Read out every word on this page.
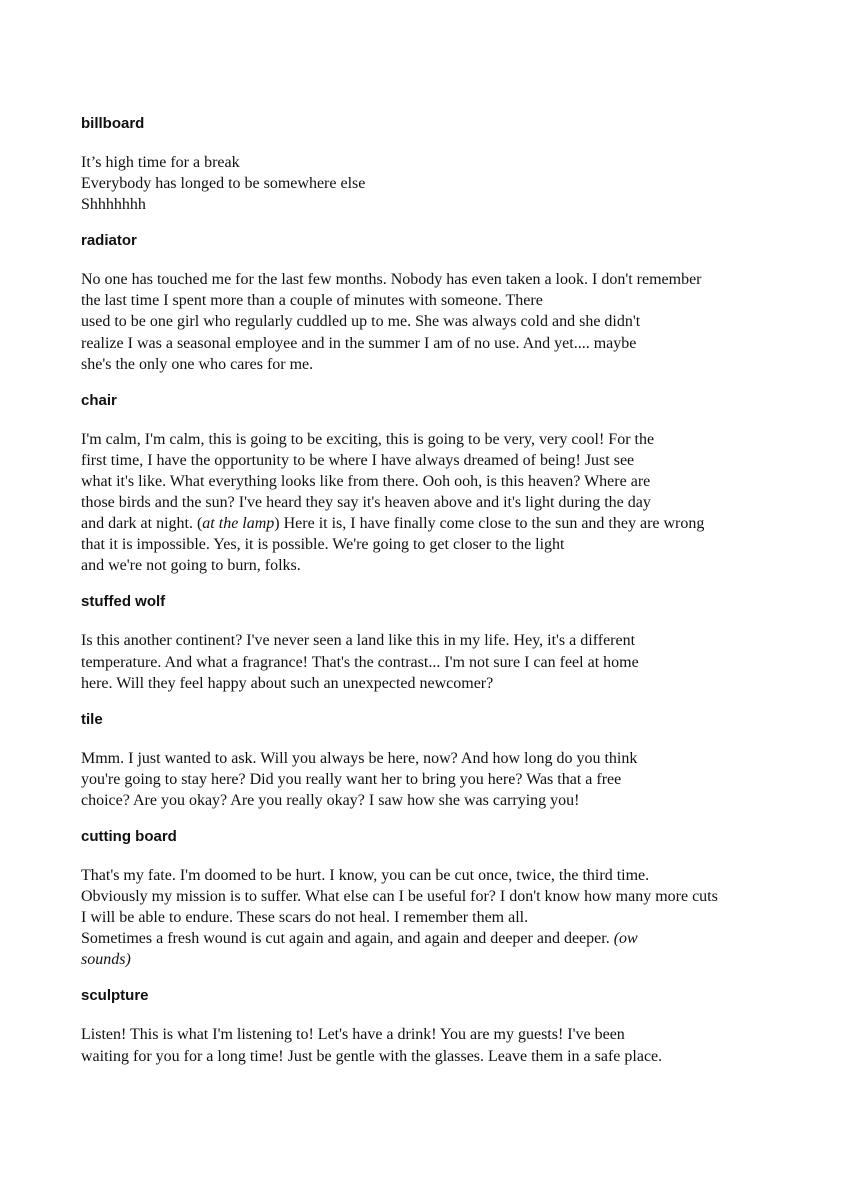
billboard
It’s high time for a break
Everybody has longed to be somewhere else
Shhhhhhh
radiator
No one has touched me for the last few months. Nobody has even taken a look. I don't remember
the last time I spent more than a couple of minutes with someone. There
used to be one girl who regularly cuddled up to me. She was always cold and she didn't
realize I was a seasonal employee and in the summer I am of no use. And yet.... maybe
she's the only one who cares for me.
chair
I'm calm, I'm calm, this is going to be exciting, this is going to be very, very cool! For the
first time, I have the opportunity to be where I have always dreamed of being! Just see
what it's like. What everything looks like from there. Ooh ooh, is this heaven? Where are
those birds and the sun? I've heard they say it's heaven above and it's light during the day
and dark at night. (at the lamp) Here it is, I have finally come close to the sun and they are wrong
that it is impossible. Yes, it is possible. We're going to get closer to the light
and we're not going to burn, folks.
stuffed wolf
Is this another continent? I've never seen a land like this in my life. Hey, it's a different
temperature. And what a fragrance! That's the contrast... I'm not sure I can feel at home
here. Will they feel happy about such an unexpected newcomer?
tile
Mmm. I just wanted to ask. Will you always be here, now? And how long do you think
you're going to stay here? Did you really want her to bring you here? Was that a free
choice? Are you okay? Are you really okay? I saw how she was carrying you!
cutting board
That's my fate. I'm doomed to be hurt. I know, you can be cut once, twice, the third time.
Obviously my mission is to suffer. What else can I be useful for? I don't know how many more cuts
I will be able to endure. These scars do not heal. I remember them all.
Sometimes a fresh wound is cut again and again, and again and deeper and deeper. (ow
sounds)
sculpture
Listen! This is what I'm listening to! Let's have a drink! You are my guests! I've been
waiting for you for a long time! Just be gentle with the glasses. Leave them in a safe place.
